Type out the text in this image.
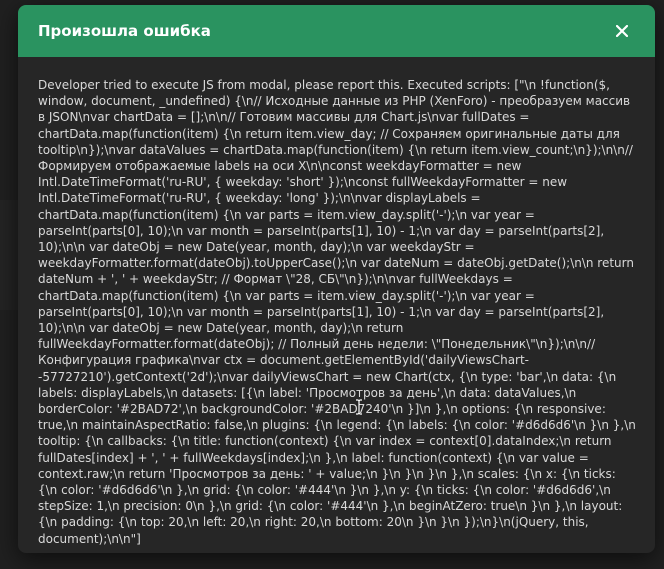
Произошла ошибка

Developer tried to execute JS from modal, please report this. Executed scripts: ["\n !function($, window, document, _undefined) {\n// Исходные данные из PHP (XenForo) - преобразуем массив в JSON\nvar chartData = [];\n\n// Готовим массивы для Chart.js\nvar fullDates = chartData.map(function(item) {\n return item.view_day; // Сохраняем оригинальные даты для tooltip\n});\nvar dataValues = chartData.map(function(item) {\n return item.view_count;\n});\n\n// Формируем отображаемые labels на оси X\n\nconst weekdayFormatter = new Intl.DateTimeFormat('ru-RU', { weekday: 'short' });\nconst fullWeekdayFormatter = new Intl.DateTimeFormat('ru-RU', { weekday: 'long' });\n\nvar displayLabels = chartData.map(function(item) {\n var parts = item.view_day.split('-');\n var year = parseInt(parts[0], 10);\n var month = parseInt(parts[1], 10) - 1;\n var day = parseInt(parts[2], 10);\n\n var dateObj = new Date(year, month, day);\n var weekdayStr = weekdayFormatter.format(dateObj).toUpperCase();\n var dateNum = dateObj.getDate();\n\n return dateNum + ', ' + weekdayStr; // Формат \"28, СБ\"\n});\n\nvar fullWeekdays = chartData.map(function(item) {\n var parts = item.view_day.split('-');\n var year = parseInt(parts[0], 10);\n var month = parseInt(parts[1], 10) - 1;\n var day = parseInt(parts[2], 10);\n\n var dateObj = new Date(year, month, day);\n return fullWeekdayFormatter.format(dateObj); // Полный день недели: \"Понедельник\"\n});\n\n// Конфигурация графика\nvar ctx = document.getElementById('dailyViewsChart--57727210').getContext('2d');\nvar dailyViewsChart = new Chart(ctx, {\n type: 'bar',\n data: {\n labels: displayLabels,\n datasets: [{\n label: 'Просмотров за день',\n data: dataValues,\n borderColor: '#2BAD72',\n backgroundColor: '#2BAD7240'\n }]\n },\n options: {\n responsive: true,\n maintainAspectRatio: false,\n plugins: {\n legend: {\n labels: {\n color: '#d6d6d6'\n }\n },\n tooltip: {\n callbacks: {\n title: function(context) {\n var index = context[0].dataIndex;\n return fullDates[index] + ', ' + fullWeekdays[index];\n },\n label: function(context) {\n var value = context.raw;\n return 'Просмотров за день: ' + value;\n }\n }\n }\n },\n scales: {\n x: {\n ticks: {\n color: '#d6d6d6'\n },\n grid: {\n color: '#444'\n }\n },\n y: {\n ticks: {\n color: '#d6d6d6',\n stepSize: 1,\n precision: 0\n },\n grid: {\n color: '#444'\n },\n beginAtZero: true\n }\n },\n layout: {\n padding: {\n top: 20,\n left: 20,\n right: 20,\n bottom: 20\n }\n }\n });\n}\n(jQuery, this, document);\n\n"]
